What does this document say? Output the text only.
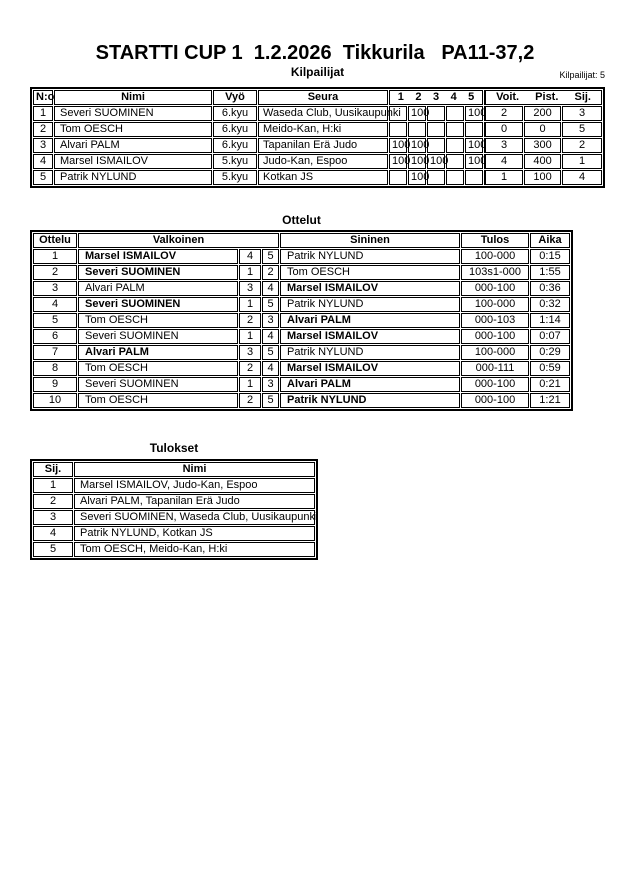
STARTTI CUP 1  1.2.2026  Tikkurila   PA11-37,2
Kilpailijat	Kilpailijat: 5
N:o	Nimi	Vyö	Seura	1 2 3 4 5					Voit. Pist. Sij.		

1	Severi SUOMINEN	6.kyu	Waseda Club, Uusikaupunki		100			100	2	200	3
2	Tom OESCH	6.kyu	Meido-Kan, H:ki						0	0	5
3	Alvari PALM	6.kyu	Tapanilan Erä Judo	100	100			100	3	300	2
4	Marsel ISMAILOV	5.kyu	Judo-Kan, Espoo	100	100	100		100	4	400	1
5	Patrik NYLUND	5.kyu	Kotkan JS		100				1	100	4
Ottelut
Ottelu	Valkoinen			Sininen	Tulos	Aika
1	Marsel ISMAILOV	4	5	Patrik NYLUND	100-000	0:15
2	Severi SUOMINEN	1	2	Tom OESCH	103s1-000	1:55
3	Alvari PALM	3	4	Marsel ISMAILOV	000-100	0:36
4	Severi SUOMINEN	1	5	Patrik NYLUND	100-000	0:32
5	Tom OESCH	2	3	Alvari PALM	000-103	1:14
6	Severi SUOMINEN	1	4	Marsel ISMAILOV	000-100	0:07
7	Alvari PALM	3	5	Patrik NYLUND	100-000	0:29
8	Tom OESCH	2	4	Marsel ISMAILOV	000-111	0:59
9	Severi SUOMINEN	1	3	Alvari PALM	000-100	0:21
10	Tom OESCH	2	5	Patrik NYLUND	000-100	1:21
Tulokset
Sij.	Nimi
1	Marsel ISMAILOV, Judo-Kan, Espoo
2	Alvari PALM, Tapanilan Erä Judo
3	Severi SUOMINEN, Waseda Club, Uusikaupunki
4	Patrik NYLUND, Kotkan JS
5	Tom OESCH, Meido-Kan, H:ki
